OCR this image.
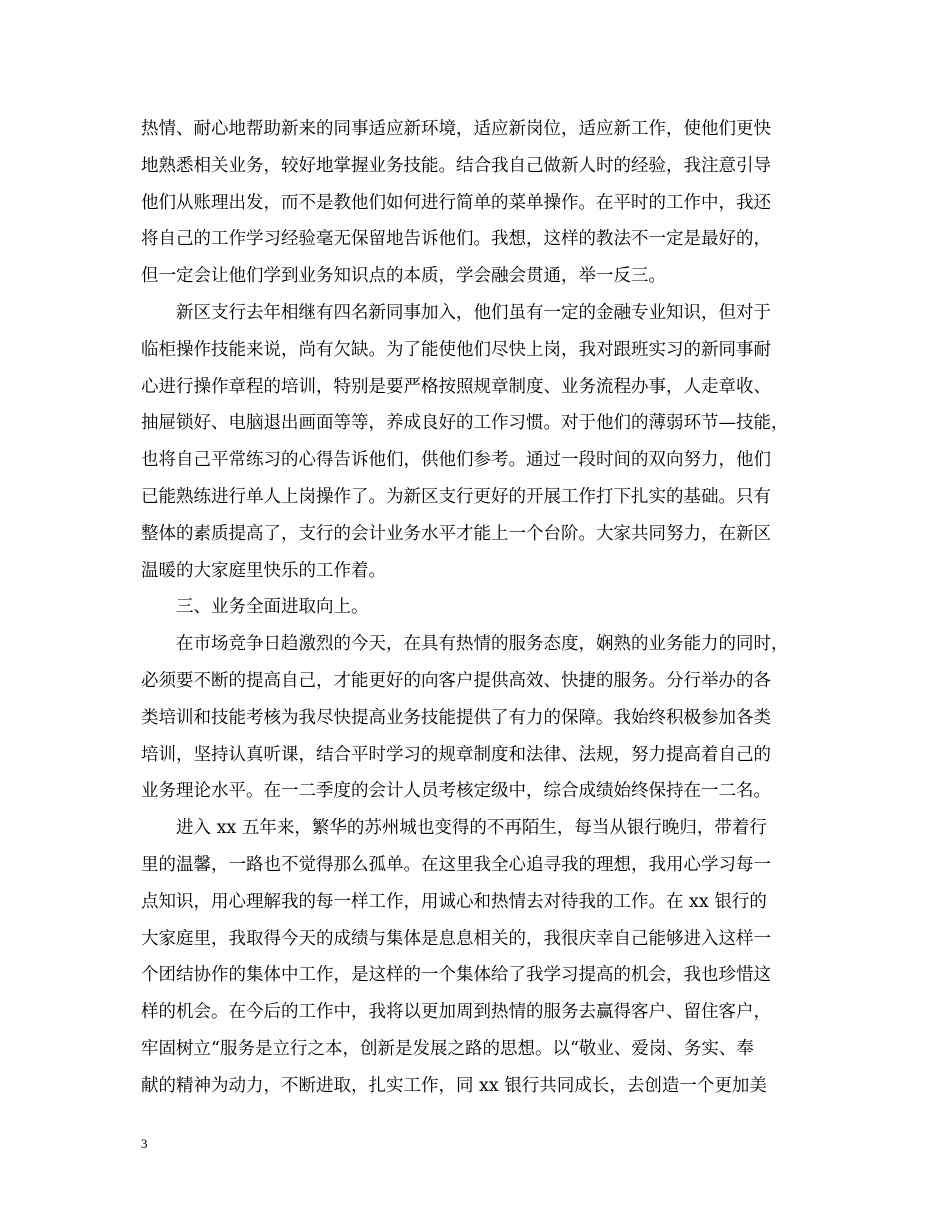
热情、耐心地帮助新来的同事适应新环境，适应新岗位，适应新工作，使他们更快
地熟悉相关业务，较好地掌握业务技能。结合我自己做新人时的经验，我注意引导
他们从账理出发，而不是教他们如何进行简单的菜单操作。在平时的工作中，我还
将自己的工作学习经验毫无保留地告诉他们。我想，这样的教法不一定是最好的，
但一定会让他们学到业务知识点的本质，学会融会贯通，举一反三。
新区支行去年相继有四名新同事加入，他们虽有一定的金融专业知识，但对于
临柜操作技能来说，尚有欠缺。为了能使他们尽快上岗，我对跟班实习的新同事耐
心进行操作章程的培训，特别是要严格按照规章制度、业务流程办事，人走章收、
抽屉锁好、电脑退出画面等等，养成良好的工作习惯。对于他们的薄弱环节—技能，
也将自己平常练习的心得告诉他们，供他们参考。通过一段时间的双向努力，他们
已能熟练进行单人上岗操作了。为新区支行更好的开展工作打下扎实的基础。只有
整体的素质提高了，支行的会计业务水平才能上一个台阶。大家共同努力，在新区
温暖的大家庭里快乐的工作着。
三、业务全面进取向上。
在市场竞争日趋激烈的今天，在具有热情的服务态度，娴熟的业务能力的同时，
必须要不断的提高自己，才能更好的向客户提供高效、快捷的服务。分行举办的各
类培训和技能考核为我尽快提高业务技能提供了有力的保障。我始终积极参加各类
培训，坚持认真听课，结合平时学习的规章制度和法律、法规，努力提高着自己的
业务理论水平。在一二季度的会计人员考核定级中，综合成绩始终保持在一二名。
进入 xx 五年来，繁华的苏州城也变得的不再陌生，每当从银行晚归，带着行
里的温馨，一路也不觉得那么孤单。在这里我全心追寻我的理想，我用心学习每一
点知识，用心理解我的每一样工作，用诚心和热情去对待我的工作。在 xx 银行的
大家庭里，我取得今天的成绩与集体是息息相关的，我很庆幸自己能够进入这样一
个团结协作的集体中工作，是这样的一个集体给了我学习提高的机会，我也珍惜这
样的机会。在今后的工作中，我将以更加周到热情的服务去赢得客户、留住客户，
牢固树立“服务是立行之本，创新是发展之路的思想。以“敬业、爱岗、务实、奉
献的精神为动力，不断进取，扎实工作，同 xx 银行共同成长，去创造一个更加美
3
